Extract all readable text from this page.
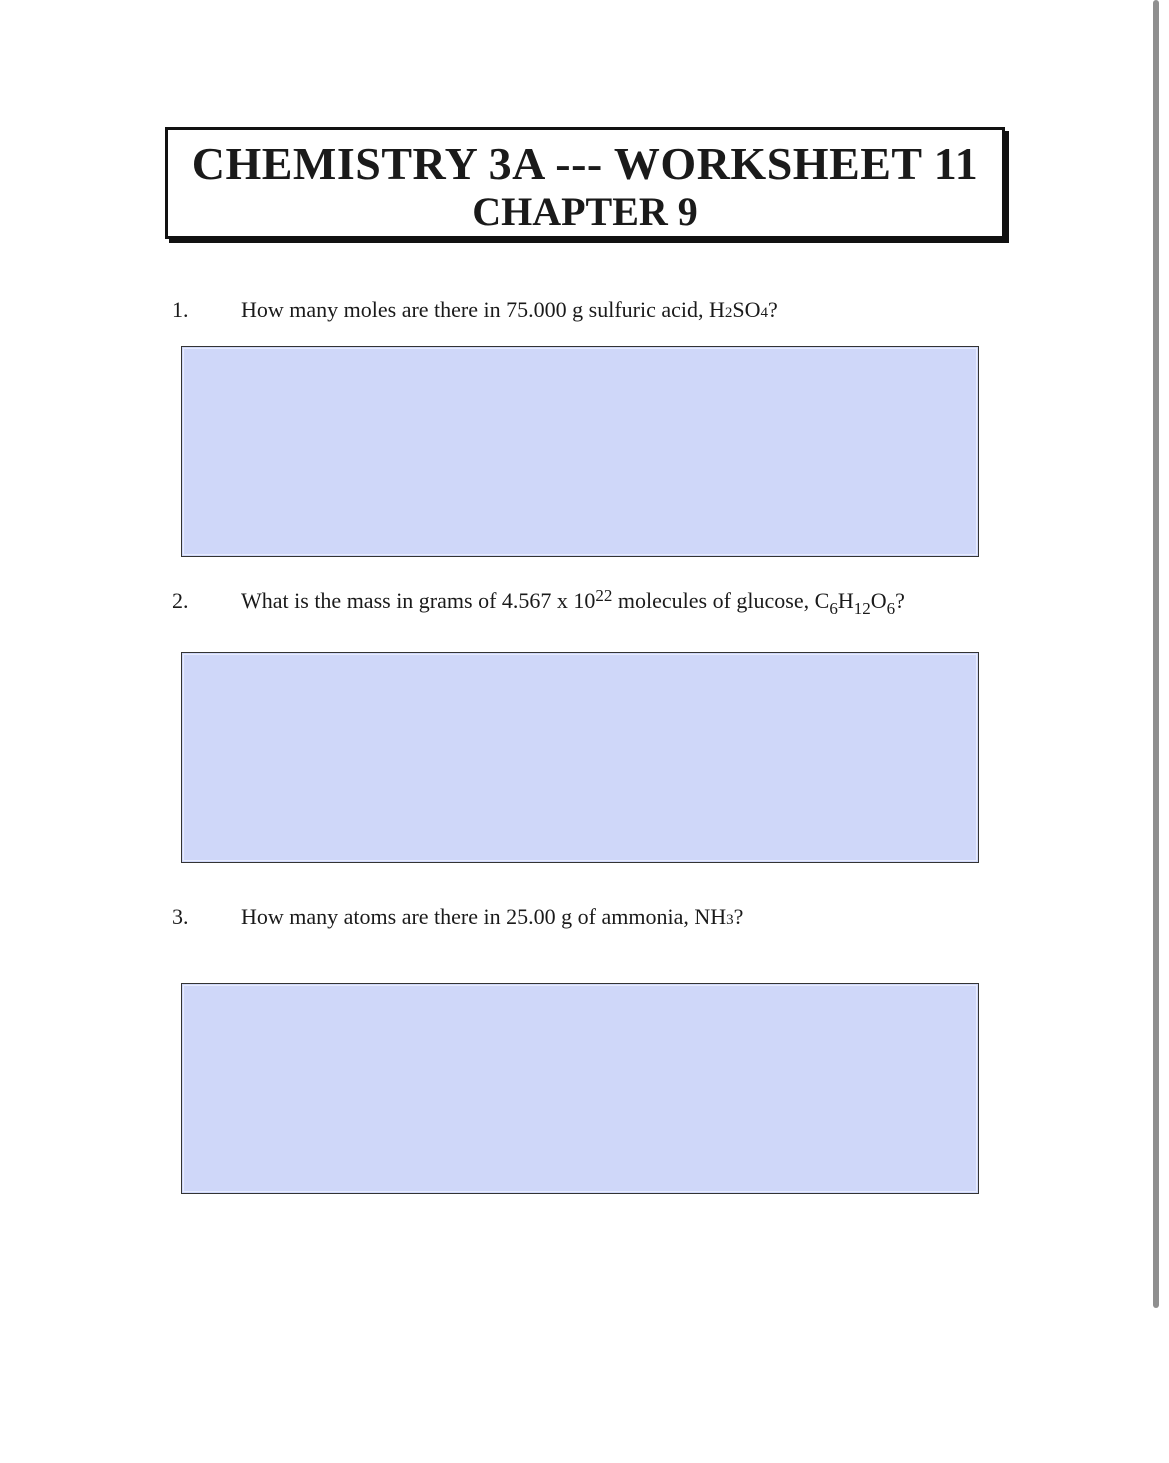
CHEMISTRY 3A --- WORKSHEET 11
CHAPTER 9
1. How many moles are there in 75.000 g sulfuric acid, H2SO4?
2. What is the mass in grams of 4.567 x $10^{22}$ molecules of glucose, $C_6H_{12}O_6$?
3. How many atoms are there in 25.00 g of ammonia, NH3?
